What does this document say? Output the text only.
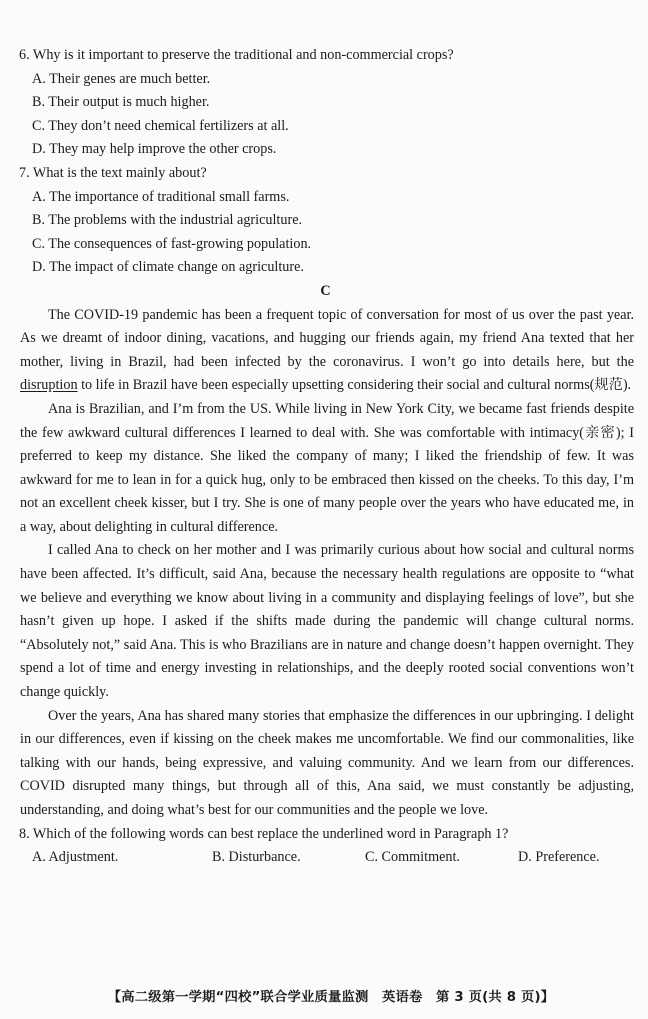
6. Why is it important to preserve the traditional and non-commercial crops?
A. Their genes are much better.
B. Their output is much higher.
C. They don’t need chemical fertilizers at all.
D. They may help improve the other crops.
7. What is the text mainly about?
A. The importance of traditional small farms.
B. The problems with the industrial agriculture.
C. The consequences of fast-growing population.
D. The impact of climate change on agriculture.
C
The COVID-19 pandemic has been a frequent topic of conversation for most of us over the past year. As we dreamt of indoor dining, vacations, and hugging our friends again, my friend Ana texted that her mother, living in Brazil, had been infected by the coronavirus. I won’t go into details here, but the disruption to life in Brazil have been especially upsetting considering their social and cultural norms(规范).
Ana is Brazilian, and I’m from the US. While living in New York City, we became fast friends despite the few awkward cultural differences I learned to deal with. She was comfortable with intimacy(亲密); I preferred to keep my distance. She liked the company of many; I liked the friendship of few. It was awkward for me to lean in for a quick hug, only to be embraced then kissed on the cheeks. To this day, I’m not an excellent cheek kisser, but I try. She is one of many people over the years who have educated me, in a way, about delighting in cultural difference.
I called Ana to check on her mother and I was primarily curious about how social and cultural norms have been affected. It’s difficult, said Ana, because the necessary health regulations are opposite to “what we believe and everything we know about living in a community and displaying feelings of love”, but she hasn’t given up hope. I asked if the shifts made during the pandemic will change cultural norms. “Absolutely not,” said Ana. This is who Brazilians are in nature and change doesn’t happen overnight. They spend a lot of time and energy investing in relationships, and the deeply rooted social conventions won’t change quickly.
Over the years, Ana has shared many stories that emphasize the differences in our upbringing. I delight in our differences, even if kissing on the cheek makes me uncomfortable. We find our commonalities, like talking with our hands, being expressive, and valuing community. And we learn from our differences. COVID disrupted many things, but through all of this, Ana said, we must constantly be adjusting, understanding, and doing what’s best for our communities and the people we love.
8. Which of the following words can best replace the underlined word in Paragraph 1?
A. Adjustment.	B. Disturbance.	C. Commitment.	D. Preference.
【高二级第一学期“四校”联合学业质量监测　英语卷　第 3 页(共 8 页)】
